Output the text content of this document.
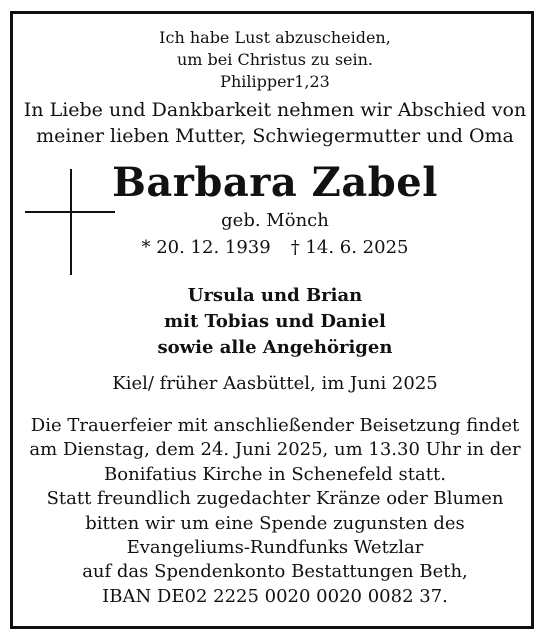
Ich habe Lust abzuscheiden,
um bei Christus zu sein.
Philipper1,23
In Liebe und Dankbarkeit nehmen wir Abschied von
meiner lieben Mutter, Schwiegermutter und Oma
Barbara Zabel
geb. Mönch
* 20. 12. 1939 † 14. 6. 2025
Ursula und Brian
mit Tobias und Daniel
sowie alle Angehörigen
Kiel/ früher Aasbüttel, im Juni 2025
Die Trauerfeier mit anschließender Beisetzung findet
am Dienstag, dem 24. Juni 2025, um 13.30 Uhr in der
Bonifatius Kirche in Schenefeld statt.
Statt freundlich zugedachter Kränze oder Blumen
bitten wir um eine Spende zugunsten des
Evangeliums-Rundfunks Wetzlar
auf das Spendenkonto Bestattungen Beth,
IBAN DE02 2225 0020 0020 0082 37.
